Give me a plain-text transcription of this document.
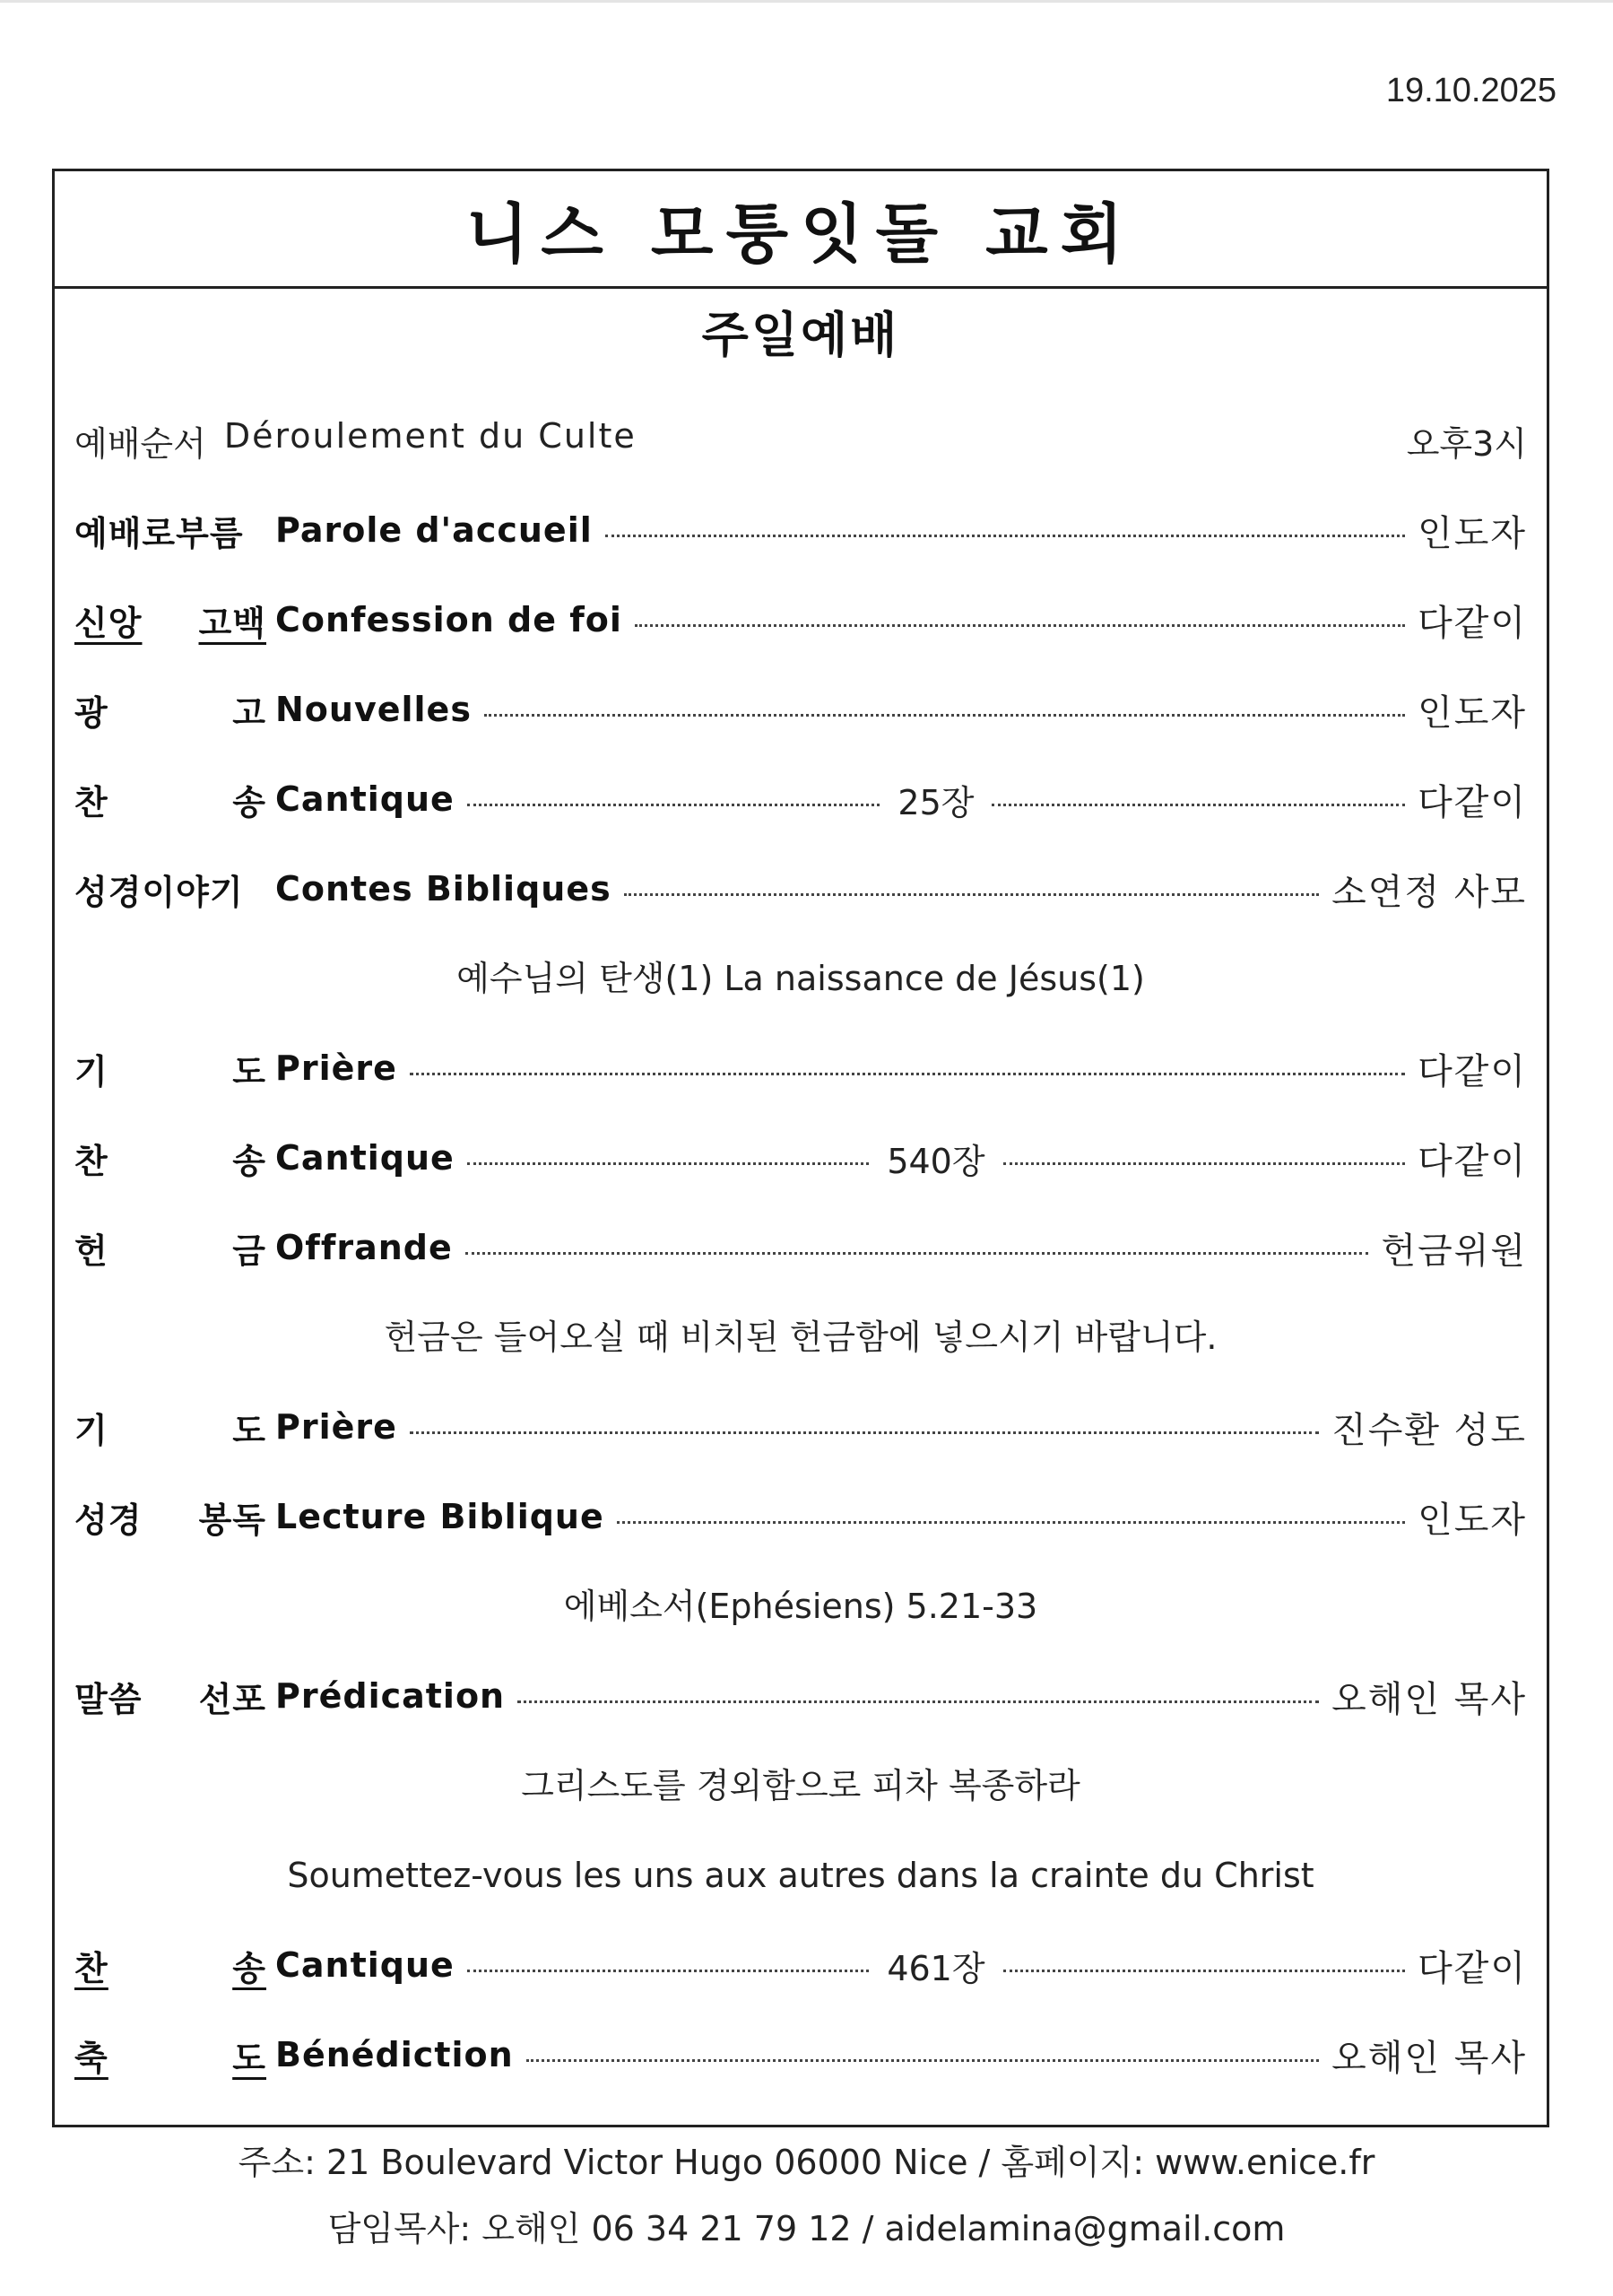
19.10.2025
니스 모퉁잇돌 교회
주일예배
예배순서 Déroulement du Culte	오후3시
예배로부름 Parole d'accueil	인도자
신앙 고백 Confession de foi	다같이
광	고 Nouvelles	인도자
찬	송 Cantique	25장	다같이
성경이야기 Contes Bibliques	소연정 사모
예수님의 탄생(1) La naissance de Jésus(1)
기	도 Prière	다같이
찬	송 Cantique	540장	다같이
헌	금 Offrande	헌금위원
헌금은 들어오실 때 비치된 헌금함에 넣으시기 바랍니다.
기	도 Prière	진수환 성도
성경 봉독 Lecture Biblique	인도자
에베소서(Ephésiens) 5.21-33
말씀 선포 Prédication	오해인 목사
그리스도를 경외함으로 피차 복종하라
Soumettez-vous les uns aux autres dans la crainte du Christ
찬	송 Cantique	461장	다같이
축	도 Bénédiction	오해인 목사
주소: 21 Boulevard Victor Hugo 06000 Nice / 홈페이지: www.enice.fr
담임목사: 오해인 06 34 21 79 12 / aidelamina@gmail.com
